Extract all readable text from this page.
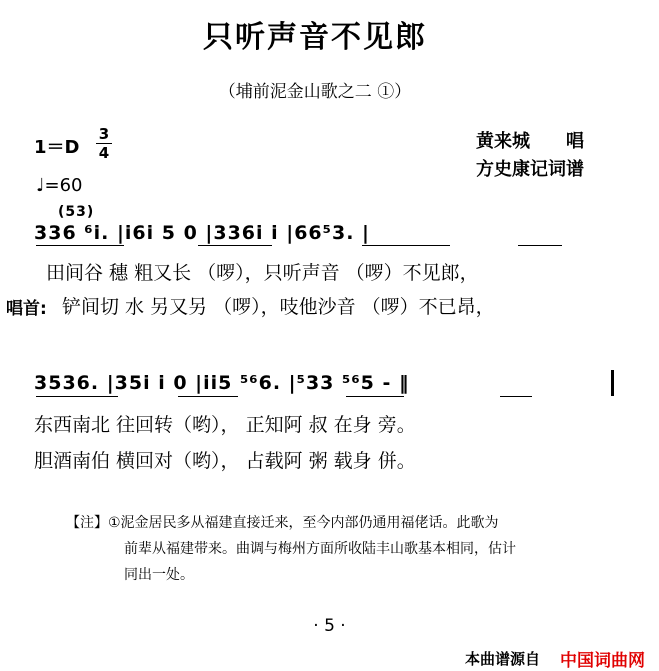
只听声音不见郎
（埔前泥金山歌之二 ①）
1＝D
3
4
♩=60
黄来城　　唱
方史康记词谱
(53)
336 ⁶i. |i6i 5 0 |336i i |66⁵3. |
田间谷 穗 粗又长 （啰），只听声音 （啰）不见郎，
唱首: 铲间切 水 另又另 （啰），吱他沙音 （啰）不已昂，
3536. |35i i 0 |ii5 ⁵⁶6. |⁵33 ⁵⁶5 - ‖
东西南北 往回转（哟）， 正知阿 叔 在身 旁。
胆酒南伯 横回对（哟）， 占载阿 粥 载身 併。
【注】①泥金居民多从福建直接迁来，至今内部仍通用福佬话。此歌为
前辈从福建带来。曲调与梅州方面所收陆丰山歌基本相同，估计
同出一处。
· 5 ·
本曲谱源自 中国词曲网
